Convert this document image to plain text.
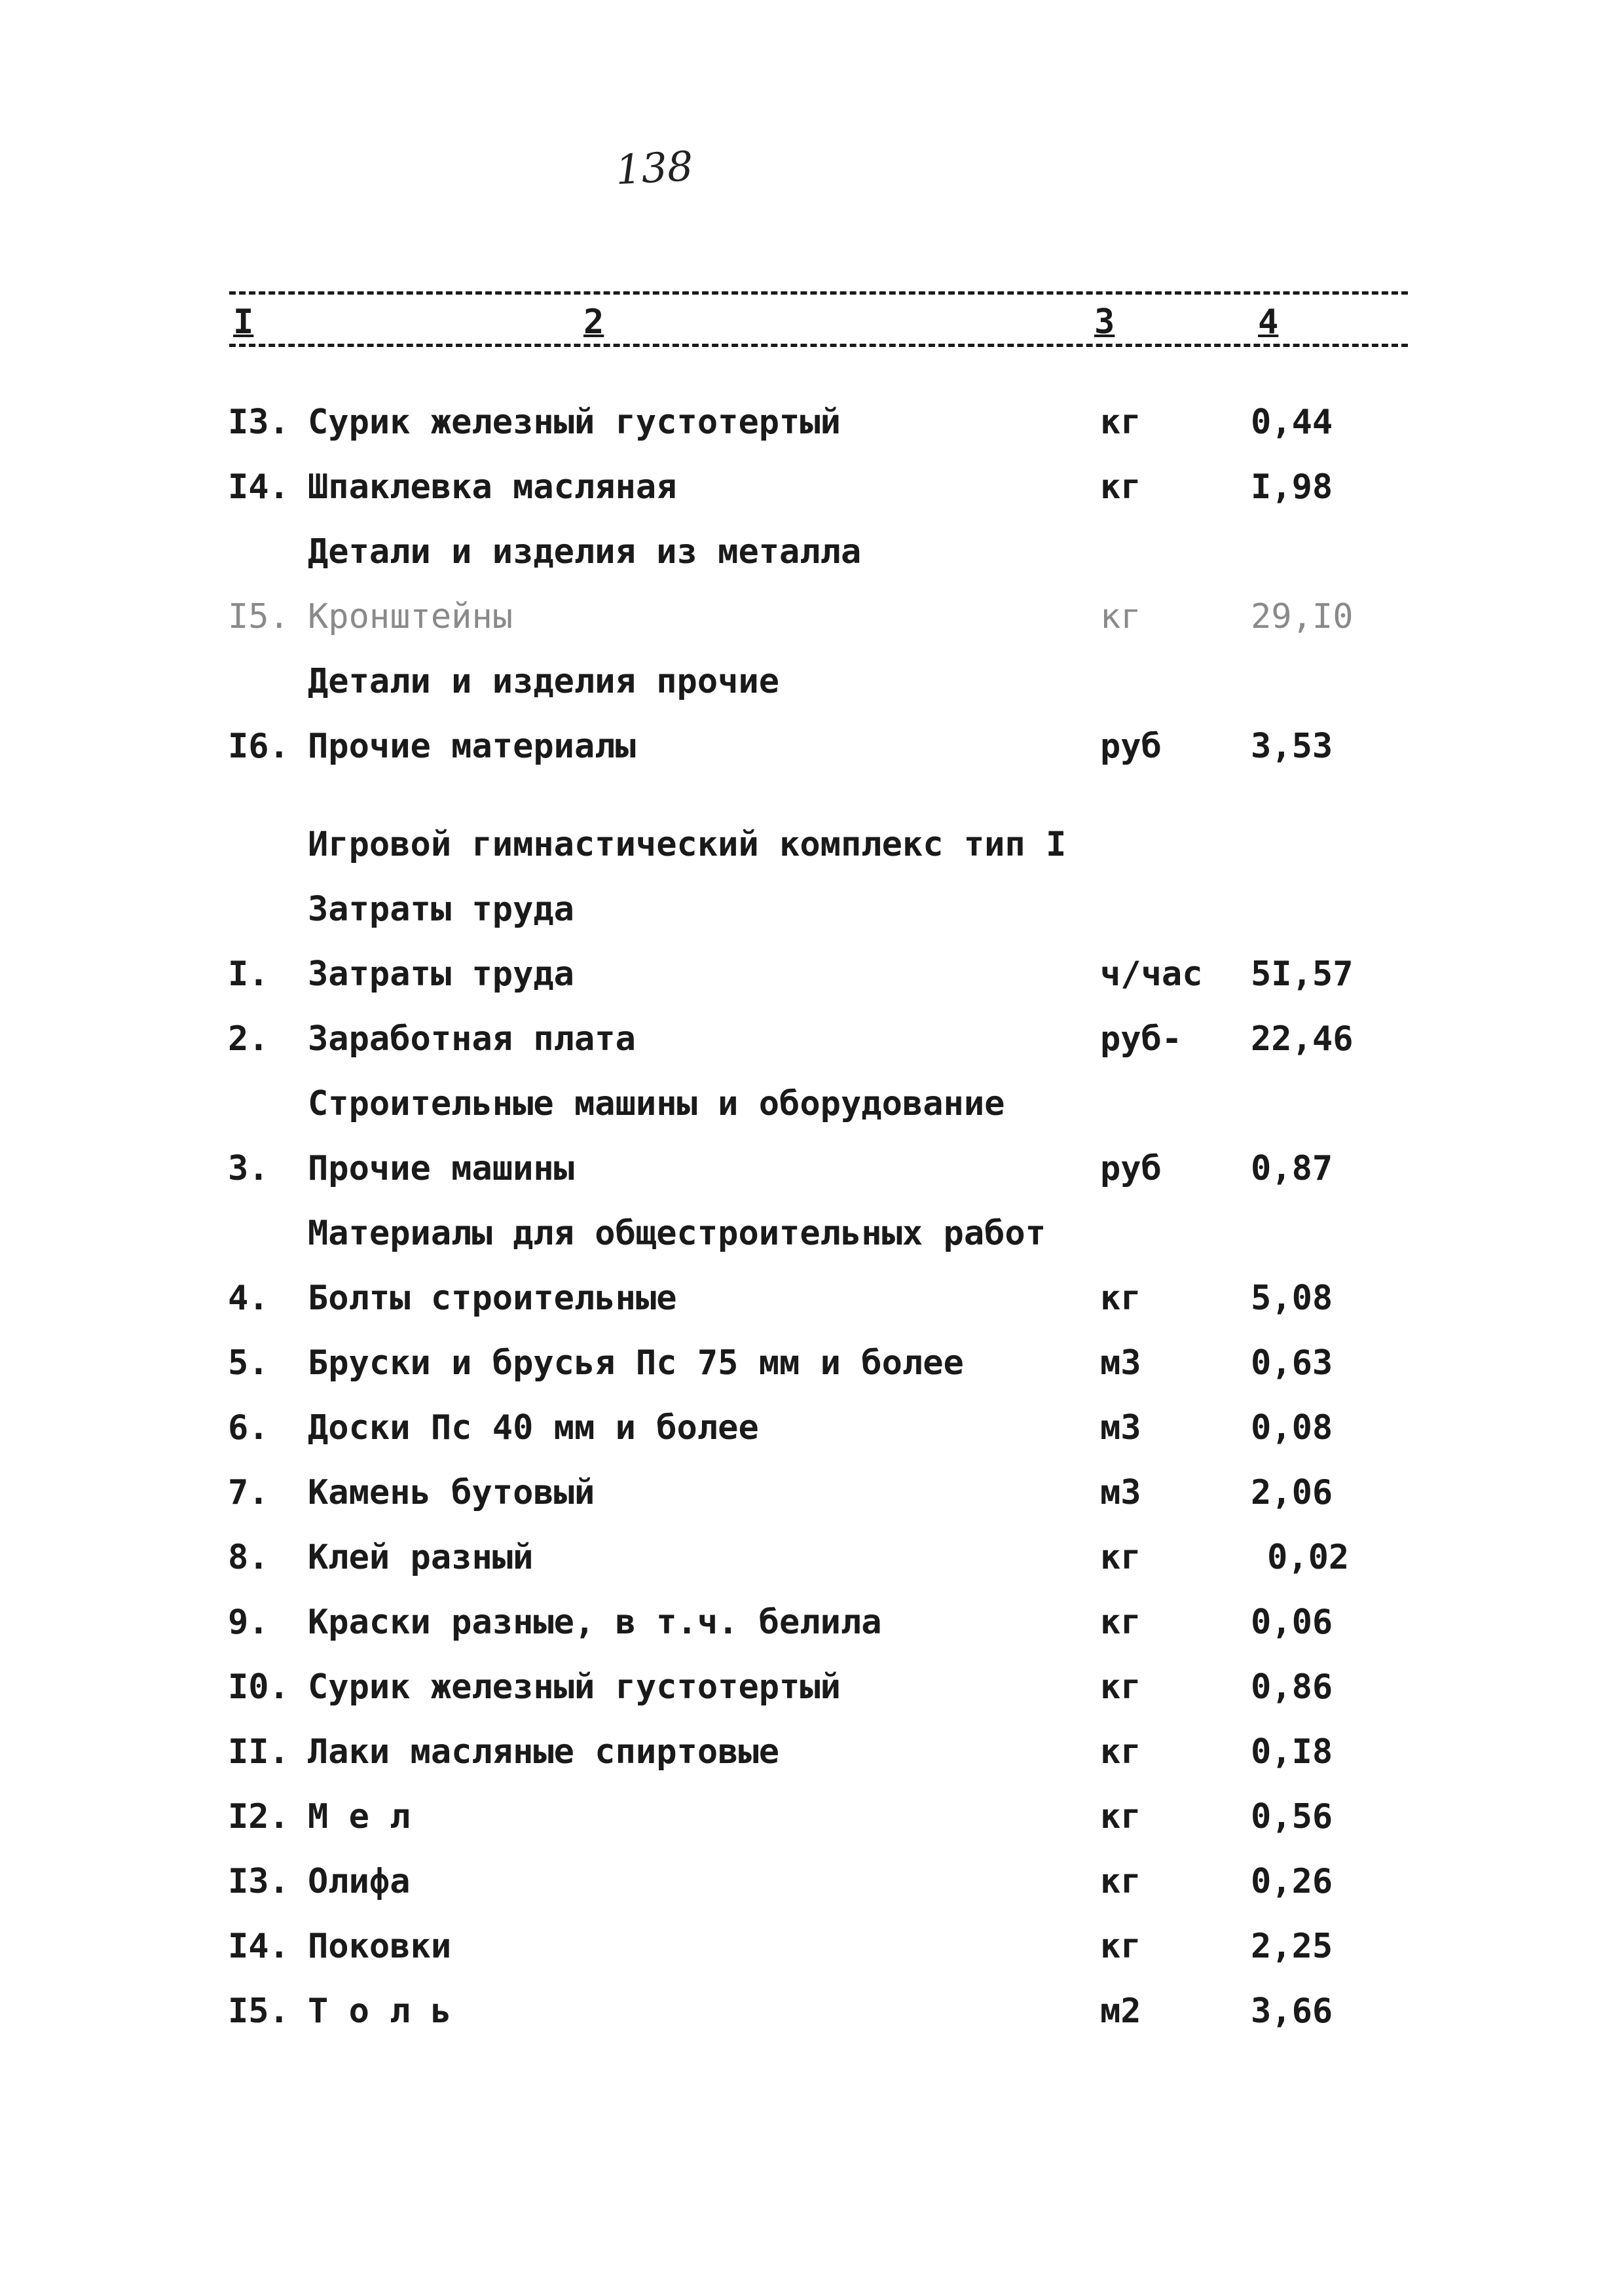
138
I	2	3	4
I3. Сурик железный густотертый	кг	0,44
I4. Шпаклевка масляная	кг	I,98
Детали и изделия из металла
I5. Кронштейны	кг	29,I0
Детали и изделия прочие
I6. Прочие материалы	руб	3,53
Игровой гимнастический комплекс тип I
Затраты труда
I. Затраты труда	ч/час 5I,57
2. Заработная плата	руб- 22,46
Строительные машины и оборудование
3. Прочие машины	руб	0,87
Материалы для общестроительных работ
4. Болты строительные	кг	5,08
5. Бруски и брусья Пс 75 мм и более	м3	0,63
6. Доски Пс 40 мм и более	м3	0,08
7. Камень бутовый	м3	2,06
8. Клей разный	кг	0,02
9. Краски разные, в т.ч. белила	кг	0,06
I0. Сурик железный густотертый	кг	0,86
II. Лаки масляные спиртовые	кг	0,I8
I2. М е л	кг	0,56
I3. Олифа	кг	0,26
I4. Поковки	кг	2,25
I5. Т о л ь	м2	3,66
